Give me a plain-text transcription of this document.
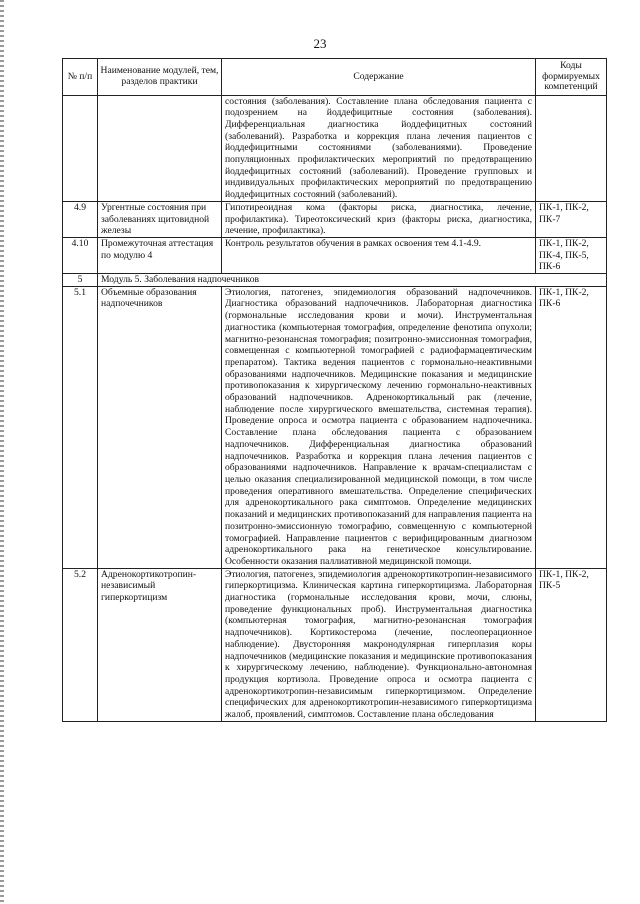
23
№ п/п	Наименование модулей, тем, разделов практики	Содержание	Коды формируемых компетенций
		состояния (заболевания). Составление плана обследования пациента с подозрением на йоддефицитные состояния (заболевания). Дифференциальная диагностика йоддефицитных состояний (заболеваний). Разработка и коррекция плана лечения пациентов с йоддефицитными состояниями (заболеваниями). Проведение популяционных профилактических мероприятий по предотвращению йоддефицитных состояний (заболеваний). Проведение групповых и индивидуальных профилактических мероприятий по предотвращению йоддефицитных состояний (заболеваний).	
4.9	Ургентные состояния при заболеваниях щитовидной железы	Гипотиреоидная кома (факторы риска, диагностика, лечение, профилактика). Тиреотоксический криз (факторы риска, диагностика, лечение, профилактика).	ПК-1, ПК-2, ПК-7
4.10	Промежуточная аттестация по модулю 4	Контроль результатов обучения в рамках освоения тем 4.1-4.9.	ПК-1, ПК-2, ПК-4, ПК-5, ПК-6
5	Модуль 5. Заболевания надпочечников		
5.1	Объемные образования надпочечников	Этиология, патогенез, эпидемиология образований надпочечников. Диагностика образований надпочечников. Лабораторная диагностика (гормональные исследования крови и мочи). Инструментальная диагностика (компьютерная томография, определение фенотипа опухоли; магнитно-резонансная томография; позитронно-эмиссионная томография, совмещенная с компьютерной томографией с радиофармацевтическим препаратом). Тактика ведения пациентов с гормонально-неактивными образованиями надпочечников. Медицинские показания и медицинские противопоказания к хирургическому лечению гормонально-неактивных образований надпочечников. Адренокортикальный рак (лечение, наблюдение после хирургического вмешательства, системная терапия). Проведение опроса и осмотра пациента с образованием надпочечника. Составление плана обследования пациента с образованием надпочечников. Дифференциальная диагностика образований надпочечников. Разработка и коррекция плана лечения пациентов с образованиями надпочечников. Направление к врачам-специалистам с целью оказания специализированной медицинской помощи, в том числе проведения оперативного вмешательства. Определение специфических для адренокортикального рака симптомов. Определение медицинских показаний и медицинских противопоказаний для направления пациента на позитронно-эмиссионную томографию, совмещенную с компьютерной томографией. Направление пациентов с верифицированным диагнозом адренокортикального рака на генетическое консультирование. Особенности оказания паллиативной медицинской помощи.	ПК-1, ПК-2, ПК-6
5.2	Адренокортикотропин-независимый гиперкортицизм	Этиология, патогенез, эпидемиология адренокортикотропин-независимого гиперкортицизма. Клиническая картина гиперкортицизма. Лабораторная диагностика (гормональные исследования крови, мочи, слюны, проведение функциональных проб). Инструментальная диагностика (компьютерная томография, магнитно-резонансная томография надпочечников). Кортикостерома (лечение, послеоперационное наблюдение). Двусторонняя макронодулярная гиперплазия коры надпочечников (медицинские показания и медицинские противопоказания к хирургическому лечению, наблюдение). Функционально-автономная продукция кортизола. Проведение опроса и осмотра пациента с адренокортикотропин-независимым гиперкортицизмом. Определение специфических для адренокортикотропин-независимого гиперкортицизма жалоб, проявлений, симптомов. Составление плана обследования	ПК-1, ПК-2, ПК-5
